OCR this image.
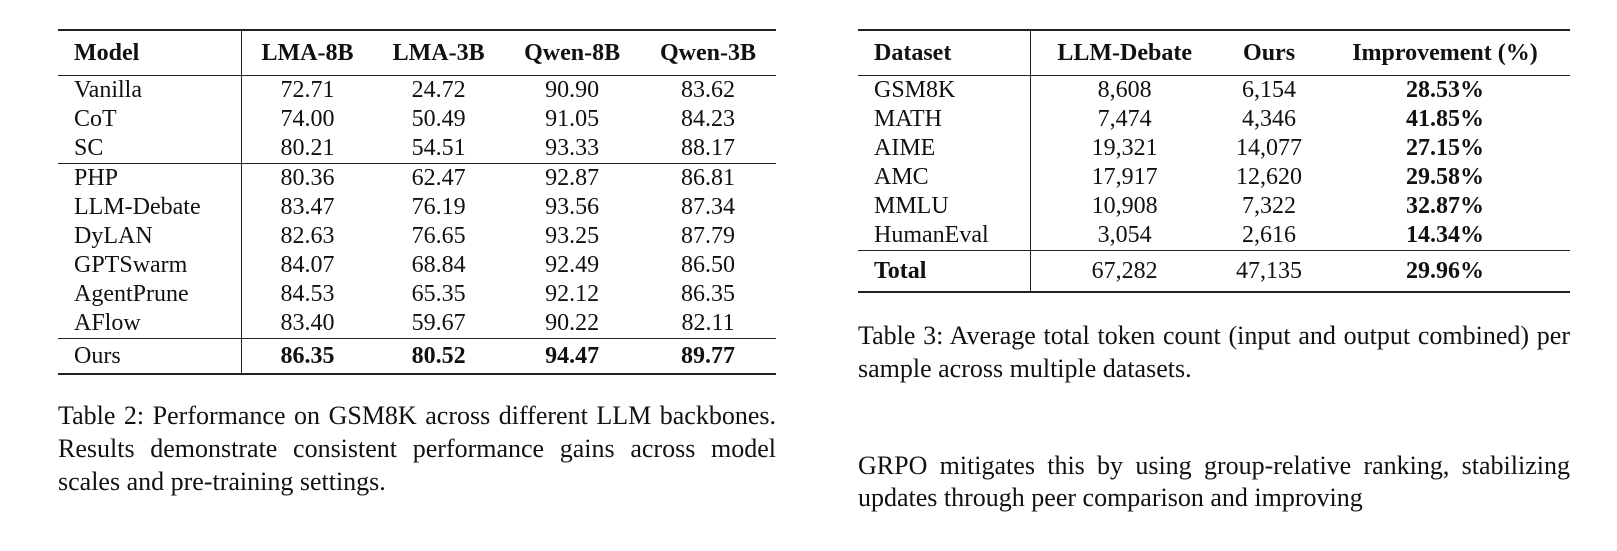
Model	LMA-8B	LMA-3B	Qwen-8B	Qwen-3B
Vanilla	72.71	24.72	90.90	83.62
CoT	74.00	50.49	91.05	84.23
SC	80.21	54.51	93.33	88.17
PHP	80.36	62.47	92.87	86.81
LLM-Debate	83.47	76.19	93.56	87.34
DyLAN	82.63	76.65	93.25	87.79
GPTSwarm	84.07	68.84	92.49	86.50
AgentPrune	84.53	65.35	92.12	86.35
AFlow	83.40	59.67	90.22	82.11
Ours	86.35	80.52	94.47	89.77

Table 2: Performance on GSM8K across different LLM backbones. Results demonstrate consistent performance gains across model scales and pre-training settings.

Dataset	LLM-Debate	Ours	Improvement (%)
GSM8K	8,608	6,154	28.53%
MATH	7,474	4,346	41.85%
AIME	19,321	14,077	27.15%
AMC	17,917	12,620	29.58%
MMLU	10,908	7,322	32.87%
HumanEval	3,054	2,616	14.34%
Total	67,282	47,135	29.96%

Table 3: Average total token count (input and output combined) per sample across multiple datasets.

GRPO mitigates this by using group-relative ranking, stabilizing updates through peer comparison and improving
